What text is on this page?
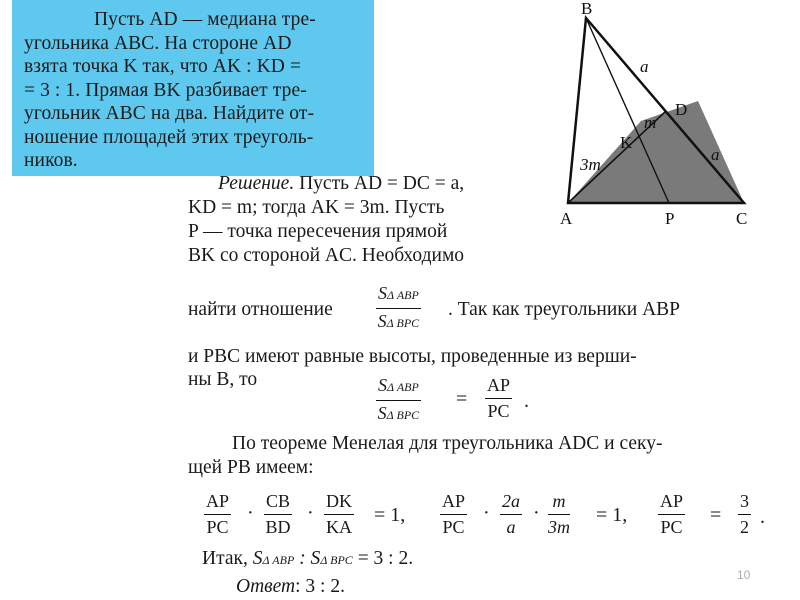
Пусть AD — медиана тре-
угольника ABC. На стороне AD
взята точка K так, что AK : KD =
= 3 : 1. Прямая BK разбивает тре-
угольник ABC на два. Найдите от-
ношение площадей этих треуголь-
ников.
B
A	C
D
K
P
a
a
m
3m
Решение. Пусть AD = DC = a,
KD = m; тогда AK = 3m. Пусть
P — точка пересечения прямой
BK со стороной AC. Необходимо
найти отношение
SΔ ABP
SΔ BPC
. Так как треугольники ABP
и PBC имеют равные высоты, проведенные из верши-
ны B, то	SΔ ABP
SΔ BPC
= $\frac{AP}{PC}$ .
По теореме Менелая для треугольника ADC и секу-
щей PB имеем:
$\frac{AP}{PC} \cdot \frac{CB}{BD} \cdot \frac{DK}{KA} = 1$, $\frac{AP}{PC} \cdot \frac{2a}{a} \cdot \frac{m}{3m} = 1$, $\frac{AP}{PC} = \frac{3}{2}$ .
Итак, SΔ ABP : SΔ BPC = 3 : 2.
Ответ: 3 : 2.
10
